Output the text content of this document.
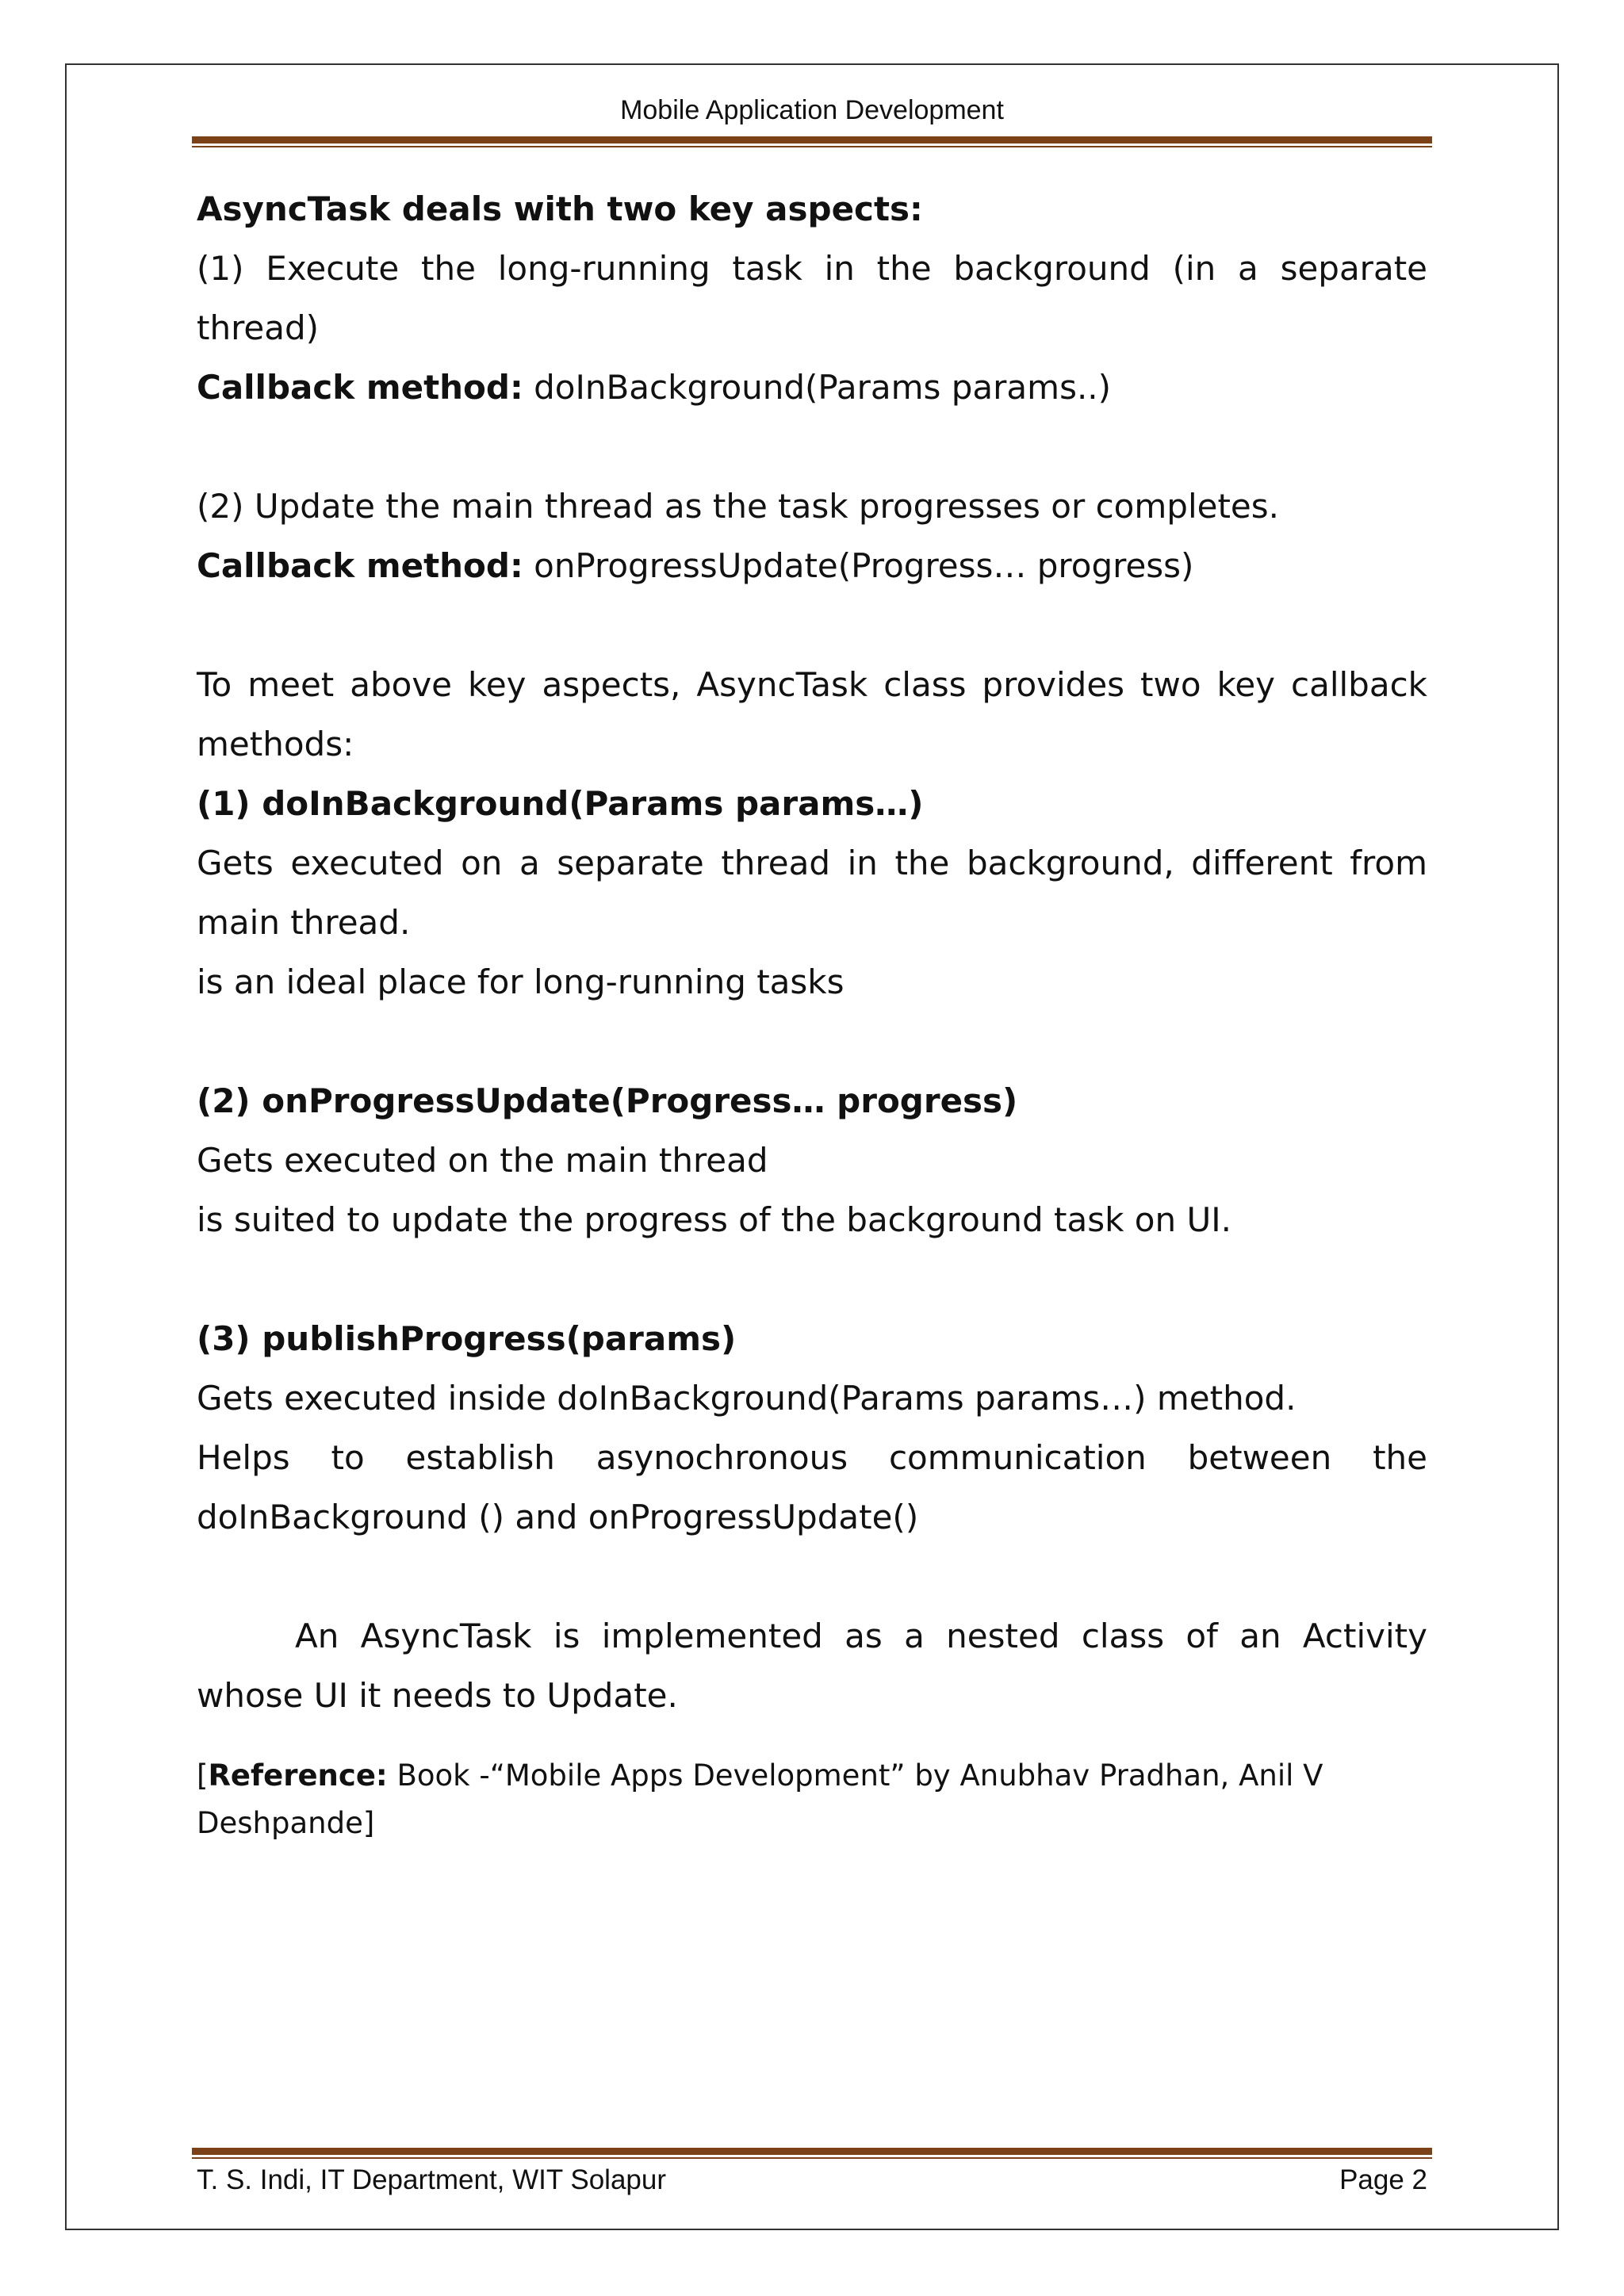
Mobile Application Development

AsyncTask deals with two key aspects:

(1) Execute the long-running task in the background (in a separate thread)

Callback method: doInBackground(Params params..)

(2) Update the main thread as the task progresses or completes.

Callback method: onProgressUpdate(Progress… progress)

To meet above key aspects, AsyncTask class provides two key callback methods:

(1) doInBackground(Params params…)

Gets executed on a separate thread in the background, different from main thread.

is an ideal place for long-running tasks

(2) onProgressUpdate(Progress… progress)

Gets executed on the main thread

is suited to update the progress of the background task on UI.

(3) publishProgress(params)

Gets executed inside doInBackground(Params params…) method.

Helps to establish asynochronous communication between the doInBackground () and onProgressUpdate()

An AsyncTask is implemented as a nested class of an Activity whose UI it needs to Update.

[Reference: Book -“Mobile Apps Development” by Anubhav Pradhan, Anil V Deshpande]

T. S. Indi, IT Department, WIT Solapur	Page 2
